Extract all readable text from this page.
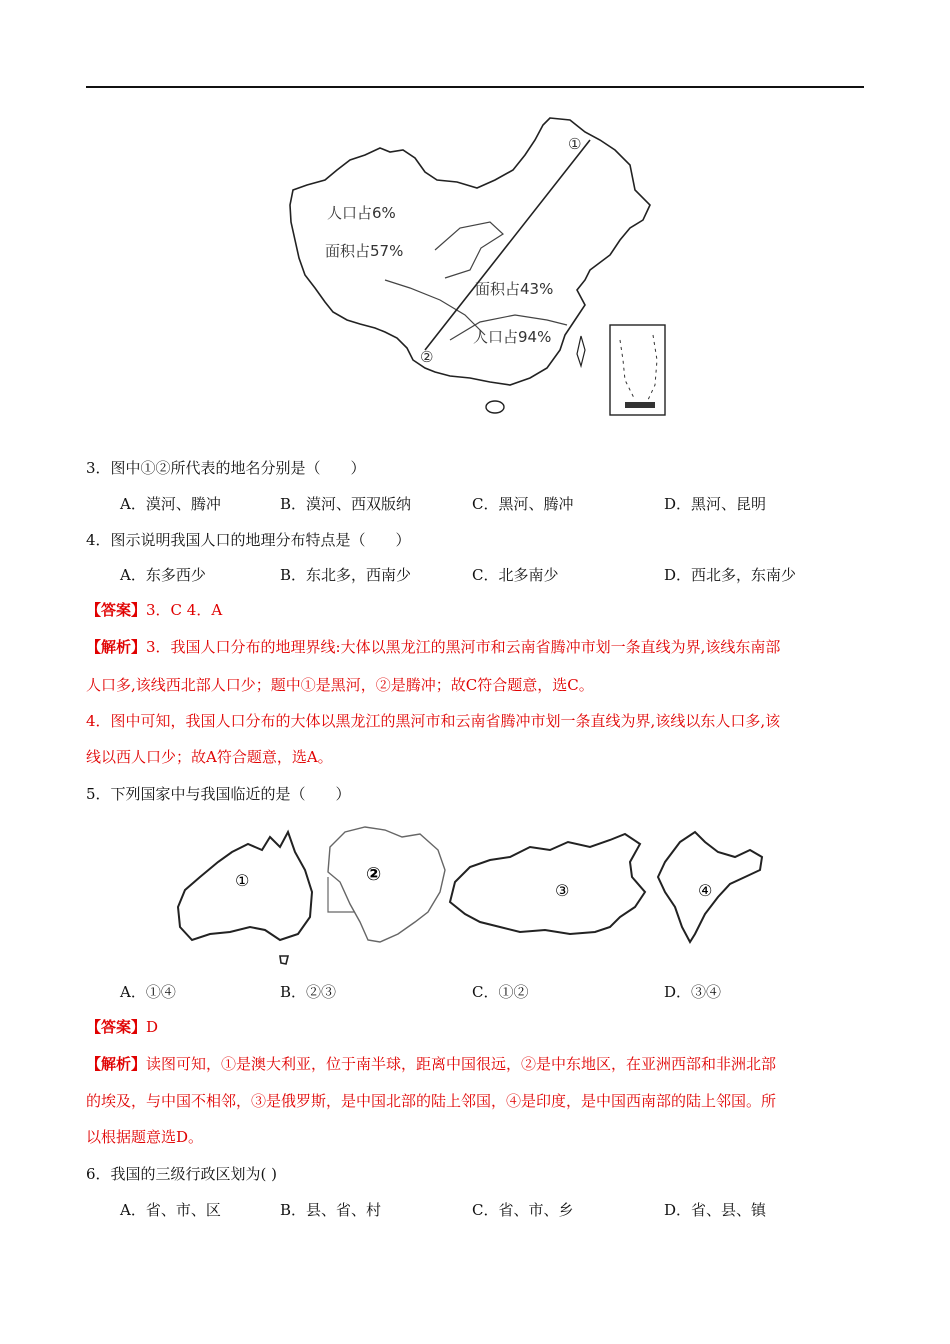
①
②
人口占6%
面积占57%
面积占43%
人口占94%
3．图中①②所代表的地名分别是（　　）
A．漠河、腾冲	B．漠河、西双版纳	C．黑河、腾冲	D．黑河、昆明
4．图示说明我国人口的地理分布特点是（　　）
A．东多西少	B．东北多，西南少	C．北多南少	D．西北多，东南少
【答案】3．C 4．A
【解析】3．我国人口分布的地理界线:大体以黑龙江的黑河市和云南省腾冲市划一条直线为界,该线东南部
人口多,该线西北部人口少；题中①是黑河，②是腾冲；故C符合题意，选C。
4．图中可知，我国人口分布的大体以黑龙江的黑河市和云南省腾冲市划一条直线为界,该线以东人口多,该
线以西人口少；故A符合题意，选A。
5．下列国家中与我国临近的是（　　）
①	②
③	④
A．①④	B．②③	C．①②	D．③④
【答案】D
【解析】读图可知，①是澳大利亚，位于南半球，距离中国很远，②是中东地区，在亚洲西部和非洲北部
的埃及，与中国不相邻，③是俄罗斯，是中国北部的陆上邻国，④是印度，是中国西南部的陆上邻国。所
以根据题意选D。
6．我国的三级行政区划为( )
A．省、市、区	B．县、省、村	C．省、市、乡	D．省、县、镇
